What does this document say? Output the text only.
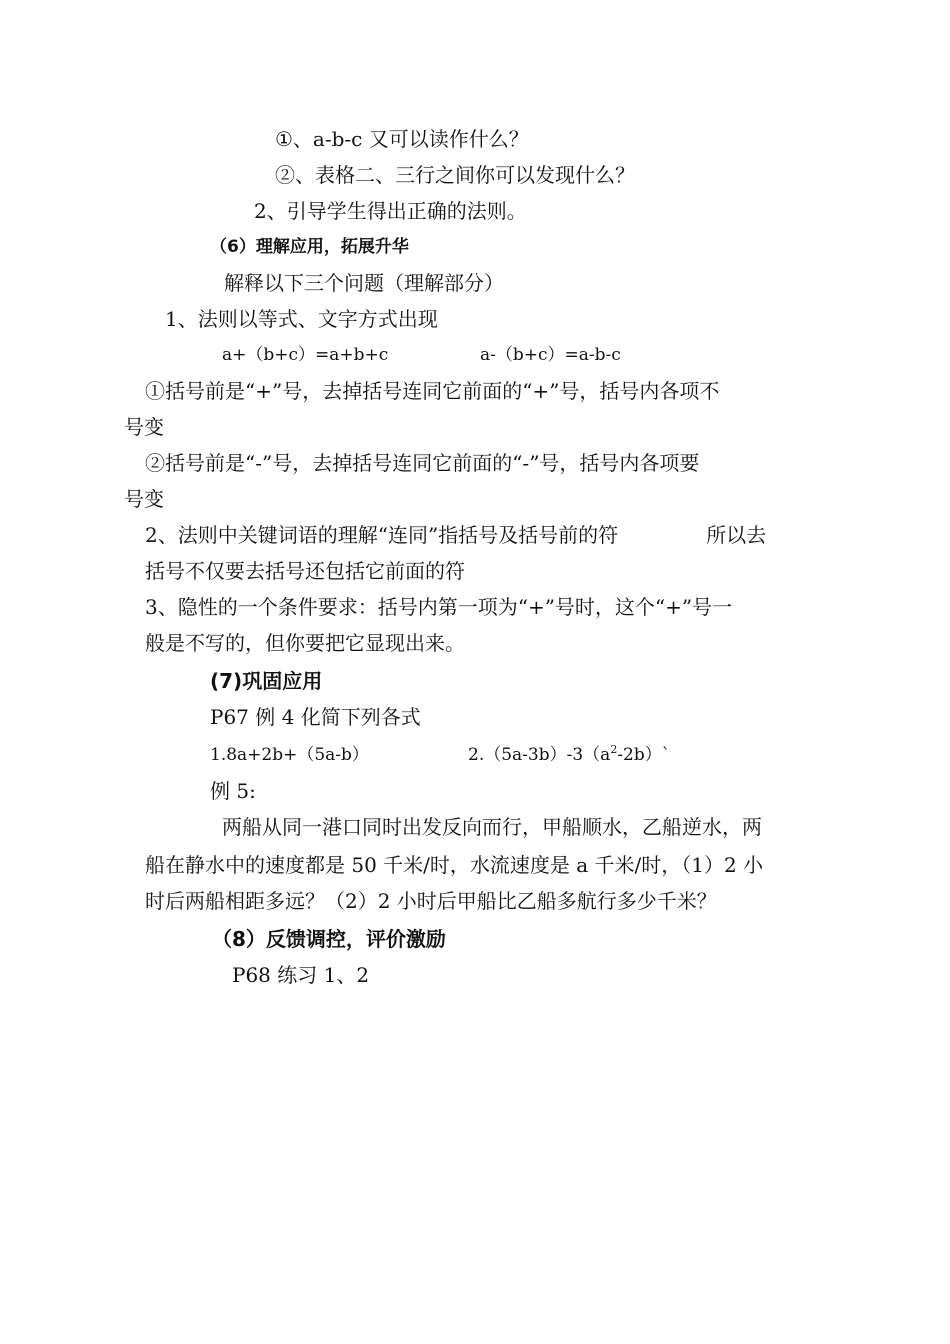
①、a-b-c 又可以读作什么？
②、表格二、三行之间你可以发现什么？
2、引导学生得出正确的法则。
（6）理解应用，拓展升华
解释以下三个问题（理解部分）
1、法则以等式、文字方式出现
a+（b+c）=a+b+c	a-（b+c）=a-b-c
①括号前是“+”号，去掉括号连同它前面的“+”号，括号内各项不
号变
②括号前是“-”号，去掉括号连同它前面的“-”号，括号内各项要
号变
2、法则中关键词语的理解“连同”指括号及括号前的符	所以去
括号不仅要去括号还包括它前面的符
3、隐性的一个条件要求：括号内第一项为“+”号时，这个“+”号一
般是不写的，但你要把它显现出来。
(7)巩固应用
P67 例 4 化简下列各式
1.8a+2b+（5a-b）	$2.(5a-3b)-3(a^2-2b)`$
例 5:
两船从同一港口同时出发反向而行，甲船顺水，乙船逆水，两
船在静水中的速度都是 50 千米/时，水流速度是 a 千米/时，（1）2 小
时后两船相距多远？（2）2 小时后甲船比乙船多航行多少千米？
（8）反馈调控，评价激励
P68 练习 1、2
